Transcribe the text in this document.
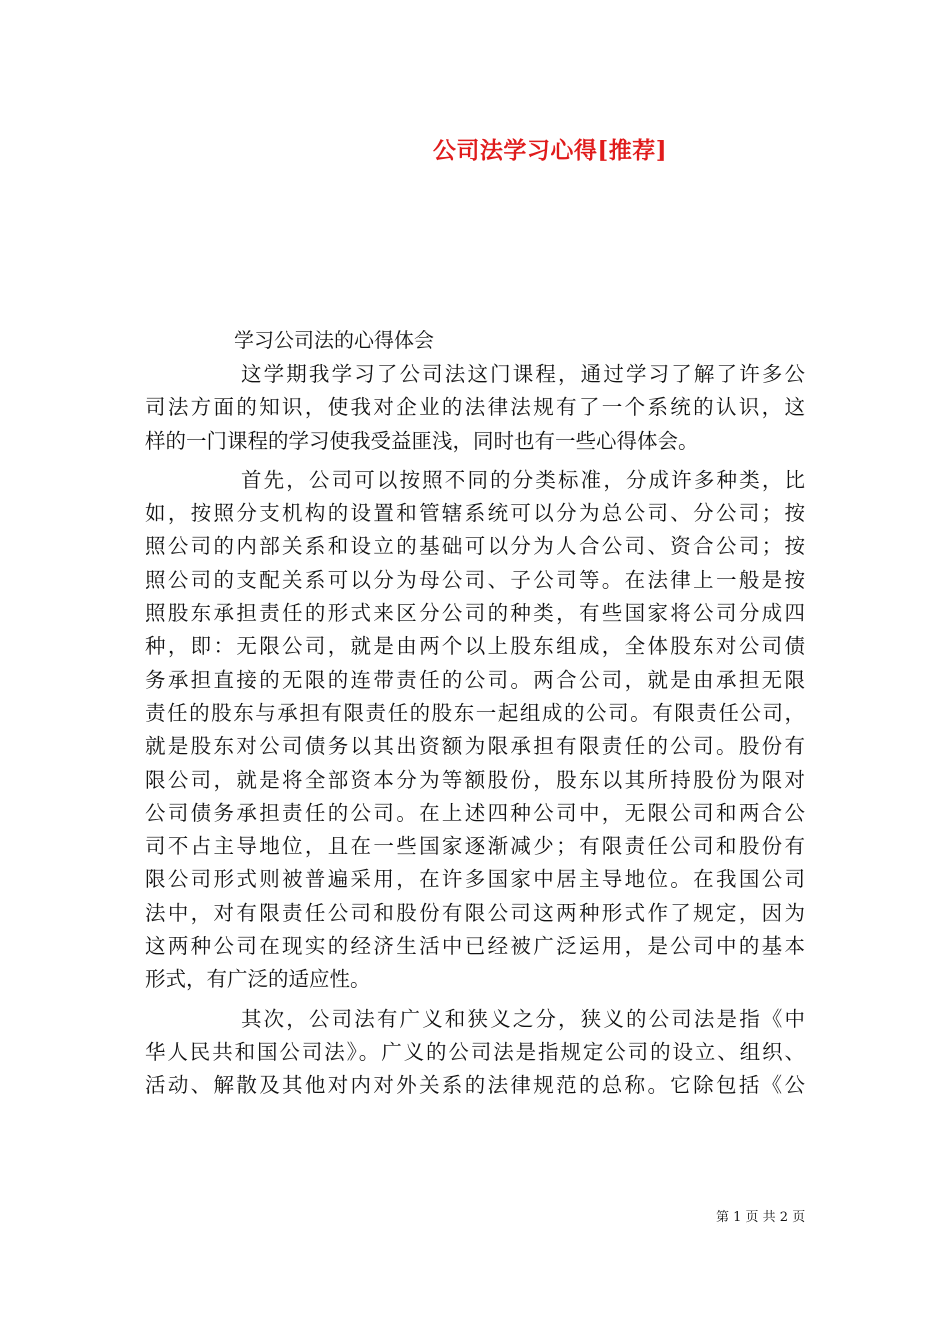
公司法学习心得[推荐]
学习公司法的心得体会
这学期我学习了公司法这门课程，通过学习了解了许多公
司法方面的知识，使我对企业的法律法规有了一个系统的认识，这
样的一门课程的学习使我受益匪浅，同时也有一些心得体会。
首先，公司可以按照不同的分类标准，分成许多种类，比
如，按照分支机构的设置和管辖系统可以分为总公司、分公司；按
照公司的内部关系和设立的基础可以分为人合公司、资合公司；按
照公司的支配关系可以分为母公司、子公司等。在法律上一般是按
照股东承担责任的形式来区分公司的种类，有些国家将公司分成四
种，即：无限公司，就是由两个以上股东组成，全体股东对公司债
务承担直接的无限的连带责任的公司。两合公司，就是由承担无限
责任的股东与承担有限责任的股东一起组成的公司。有限责任公司，
就是股东对公司债务以其出资额为限承担有限责任的公司。股份有
限公司，就是将全部资本分为等额股份，股东以其所持股份为限对
公司债务承担责任的公司。在上述四种公司中，无限公司和两合公
司不占主导地位，且在一些国家逐渐减少；有限责任公司和股份有
限公司形式则被普遍采用，在许多国家中居主导地位。在我国公司
法中，对有限责任公司和股份有限公司这两种形式作了规定，因为
这两种公司在现实的经济生活中已经被广泛运用，是公司中的基本
形式，有广泛的适应性。
其次，公司法有广义和狭义之分，狭义的公司法是指《中
华人民共和国公司法》。广义的公司法是指规定公司的设立、组织、
活动、解散及其他对内对外关系的法律规范的总称。它除包括《公
第 1 页 共 2 页
